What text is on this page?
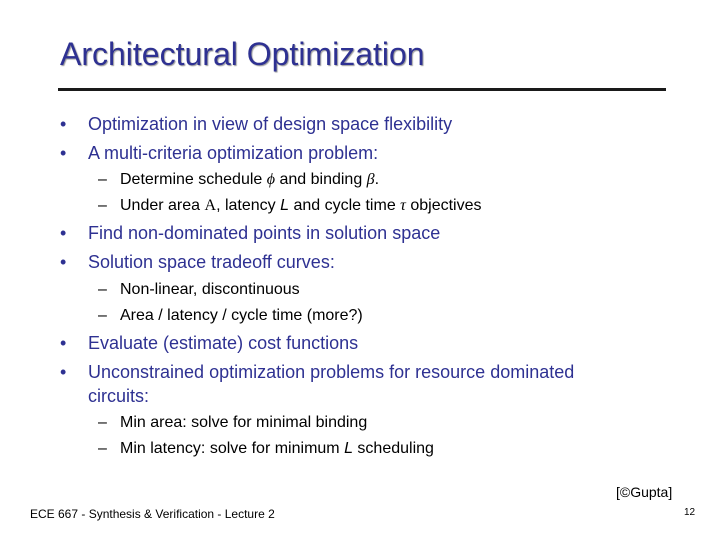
Architectural Optimization
• Optimization in view of design space flexibility
• A multi-criteria optimization problem:
– Determine schedule ϕ and binding β.
– Under area A, latency L and cycle time τ objectives
• Find non-dominated points in solution space
• Solution space tradeoff curves:
– Non-linear, discontinuous
– Area / latency / cycle time (more?)
• Evaluate (estimate) cost functions
• Unconstrained optimization problems for resource dominated circuits:
– Min area: solve for minimal binding
– Min latency: solve for minimum L scheduling
[©Gupta]
ECE 667 - Synthesis & Verification - Lecture 2	12
